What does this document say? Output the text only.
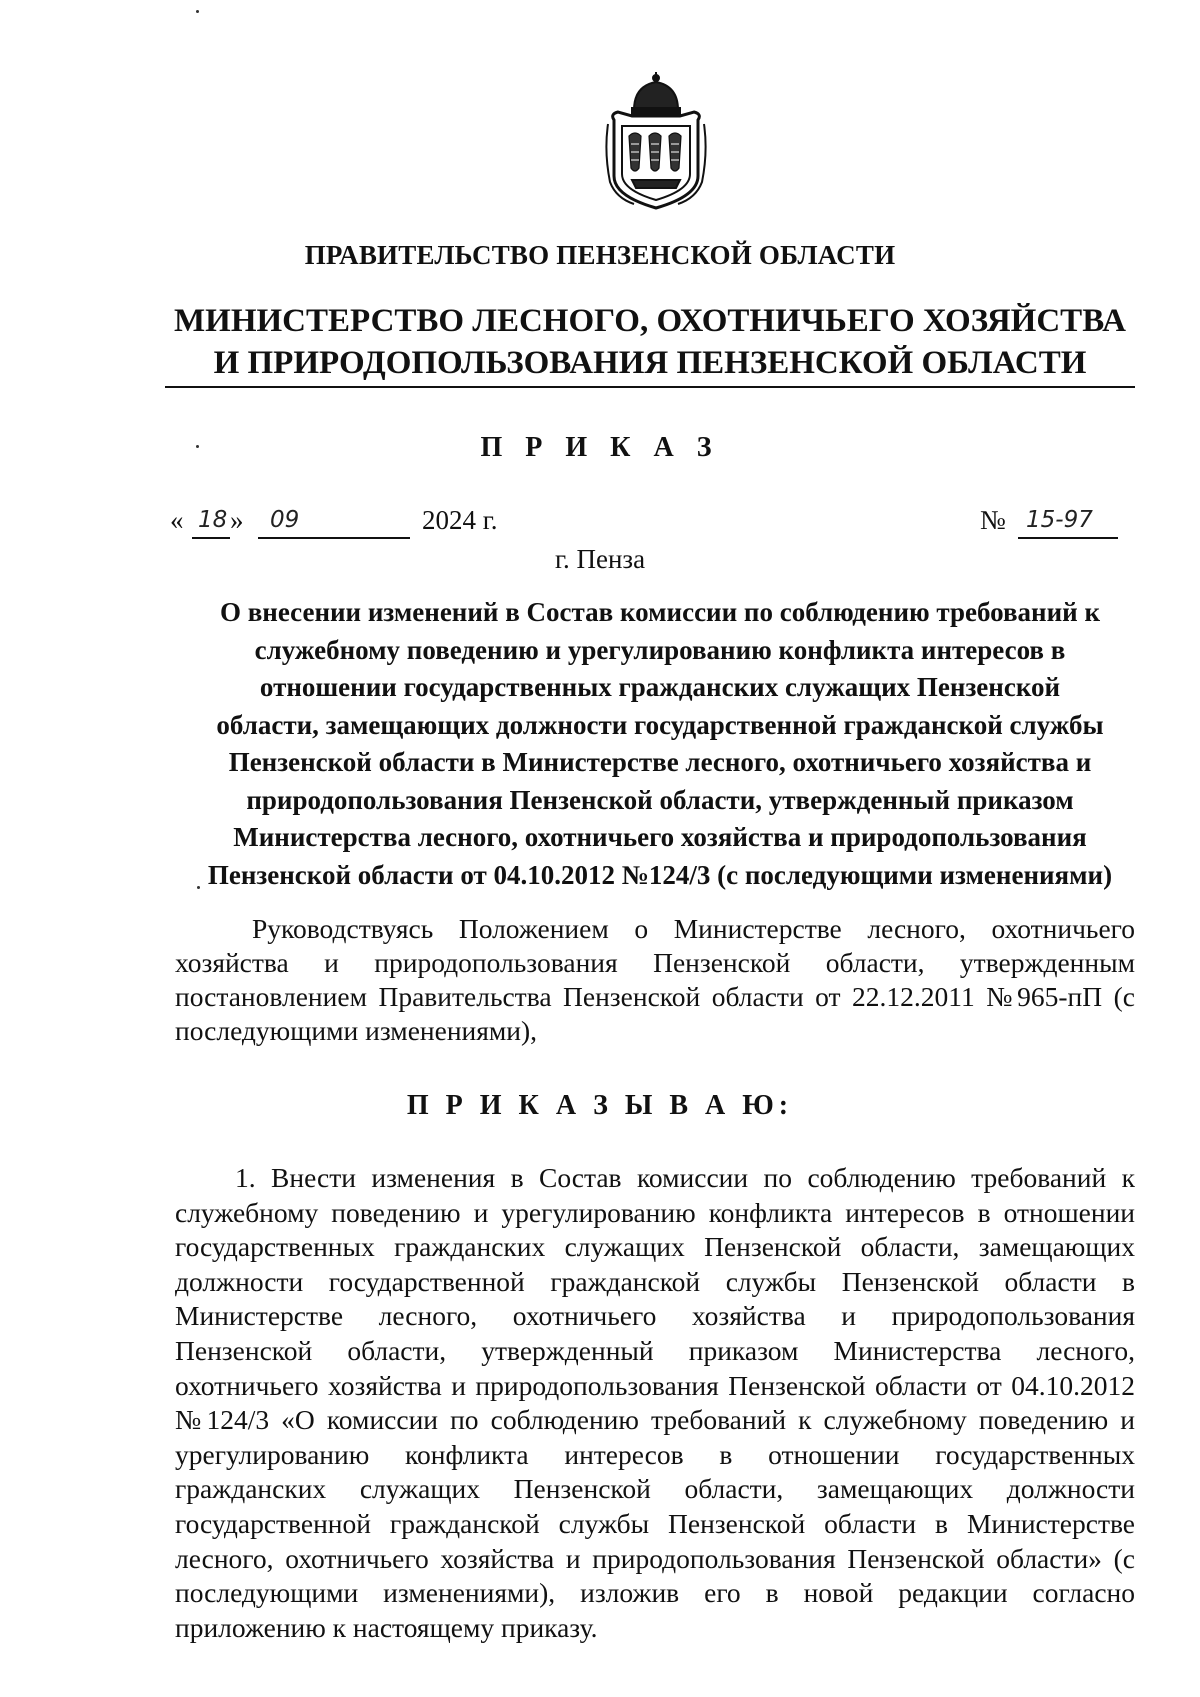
ПРАВИТЕЛЬСТВО ПЕНЗЕНСКОЙ ОБЛАСТИ
МИНИСТЕРСТВО ЛЕСНОГО, ОХОТНИЧЬЕГО ХОЗЯЙСТВА
И ПРИРОДОПОЛЬЗОВАНИЯ ПЕНЗЕНСКОЙ ОБЛАСТИ
П Р И К А З
« 18 » 09	2024 г.	№ 15-97
г. Пенза
О внесении изменений в Состав комиссии по соблюдению требований к
служебному поведению и урегулированию конфликта интересов в
отношении государственных гражданских служащих Пензенской
области, замещающих должности государственной гражданской службы
Пензенской области в Министерстве лесного, охотничьего хозяйства и
природопользования Пензенской области, утвержденный приказом
Министерства лесного, охотничьего хозяйства и природопользования
Пензенской области от 04.10.2012 №124/3 (с последующими изменениями)

Руководствуясь Положением о Министерстве лесного, охотничьего хозяйства и природопользования Пензенской области, утвержденным постановлением Правительства Пензенской области от 22.12.2011 №965-пП (с последующими изменениями),

П Р И К А З Ы В А Ю:

1. Внести изменения в Состав комиссии по соблюдению требований к служебному поведению и урегулированию конфликта интересов в отношении государственных гражданских служащих Пензенской области, замещающих должности государственной гражданской службы Пензенской области в Министерстве лесного, охотничьего хозяйства и природопользования Пензенской области, утвержденный приказом Министерства лесного, охотничьего хозяйства и природопользования Пензенской области от 04.10.2012 №124/3 «О комиссии по соблюдению требований к служебному поведению и урегулированию конфликта интересов в отношении государственных гражданских служащих Пензенской области, замещающих должности государственной гражданской службы Пензенской области в Министерстве лесного, охотничьего хозяйства и природопользования Пензенской области» (с последующими изменениями), изложив его в новой редакции согласно приложению к настоящему приказу.
